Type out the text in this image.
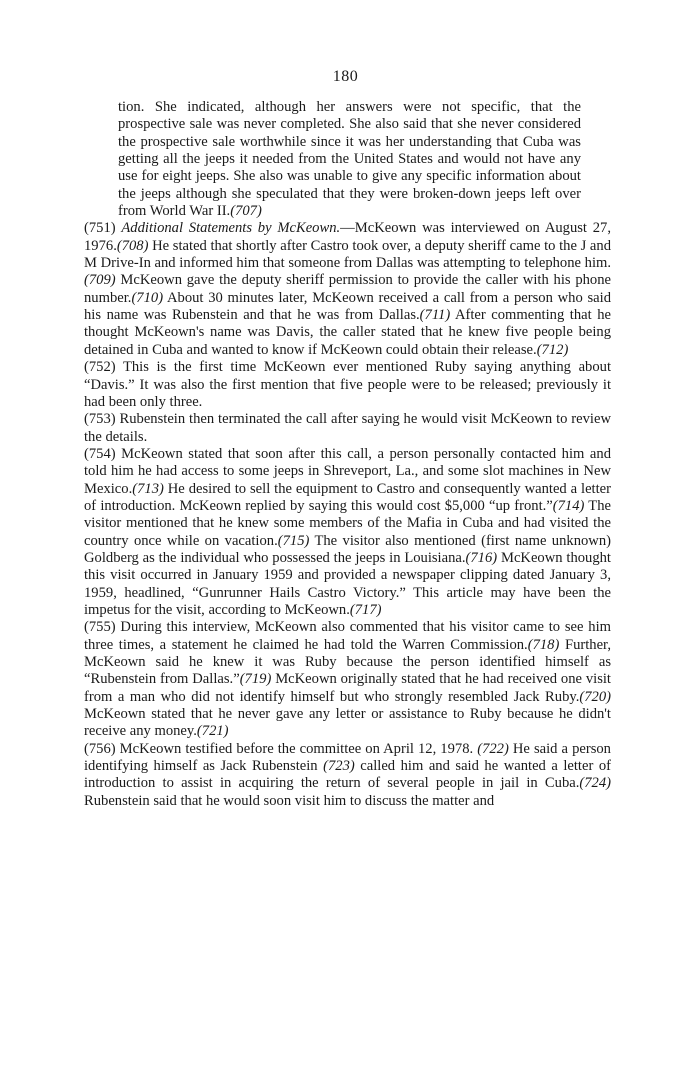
180

tion. She indicated, although her answers were not specific, that the prospective sale was never completed. She also said that she never considered the prospective sale worthwhile since it was her understanding that Cuba was getting all the jeeps it needed from the United States and would not have any use for eight jeeps. She also was unable to give any specific information about the jeeps although she speculated that they were broken-down jeeps left over from World War II.(707)

(751) Additional Statements by McKeown.—McKeown was interviewed on August 27, 1976.(708) He stated that shortly after Castro took over, a deputy sheriff came to the J and M Drive-In and informed him that someone from Dallas was attempting to telephone him.(709) McKeown gave the deputy sheriff permission to provide the caller with his phone number.(710) About 30 minutes later, McKeown received a call from a person who said his name was Rubenstein and that he was from Dallas.(711) After commenting that he thought McKeown's name was Davis, the caller stated that he knew five people being detained in Cuba and wanted to know if McKeown could obtain their release.(712)

(752) This is the first time McKeown ever mentioned Ruby saying anything about “Davis.” It was also the first mention that five people were to be released; previously it had been only three.

(753) Rubenstein then terminated the call after saying he would visit McKeown to review the details.

(754) McKeown stated that soon after this call, a person personally contacted him and told him he had access to some jeeps in Shreveport, La., and some slot machines in New Mexico.(713) He desired to sell the equipment to Castro and consequently wanted a letter of introduction. McKeown replied by saying this would cost $5,000 “up front.”(714) The visitor mentioned that he knew some members of the Mafia in Cuba and had visited the country once while on vacation.(715) The visitor also mentioned (first name unknown) Goldberg as the individual who possessed the jeeps in Louisiana.(716) McKeown thought this visit occurred in January 1959 and provided a newspaper clipping dated January 3, 1959, headlined, “Gunrunner Hails Castro Victory.” This article may have been the impetus for the visit, according to McKeown.(717)

(755) During this interview, McKeown also commented that his visitor came to see him three times, a statement he claimed he had told the Warren Commission.(718) Further, McKeown said he knew it was Ruby because the person identified himself as “Rubenstein from Dallas.”(719) McKeown originally stated that he had received one visit from a man who did not identify himself but who strongly resembled Jack Ruby.(720) McKeown stated that he never gave any letter or assistance to Ruby because he didn't receive any money.(721)

(756) McKeown testified before the committee on April 12, 1978. (722) He said a person identifying himself as Jack Rubenstein (723) called him and said he wanted a letter of introduction to assist in acquiring the return of several people in jail in Cuba.(724) Rubenstein said that he would soon visit him to discuss the matter and
